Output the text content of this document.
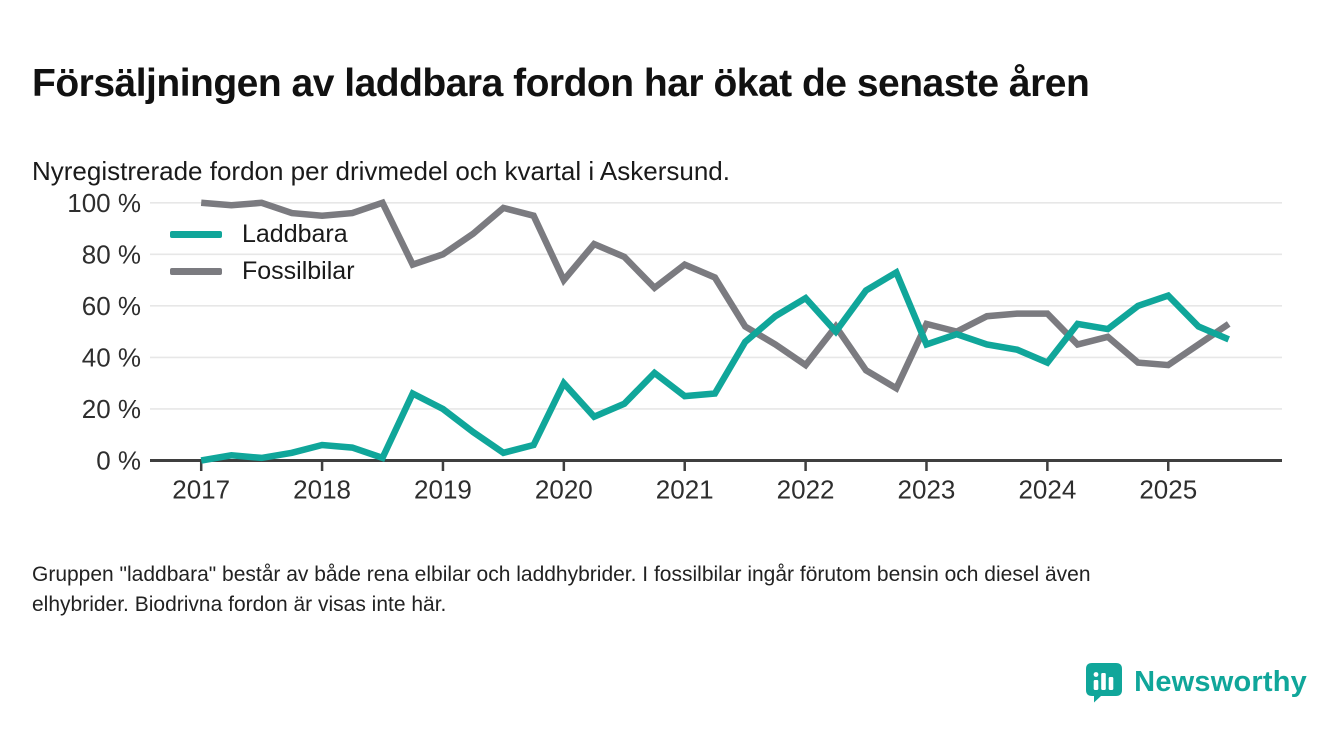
Försäljningen av laddbara fordon har ökat de senaste åren

Nyregistrerade fordon per drivmedel och kvartal i Askersund.

0 %
20 %
40 %
60 %
80 %
100 %
2017 2018 2019 2020 2021 2022 2023 2024 2025
Laddbara
Fossilbilar
Gruppen "laddbara" består av både rena elbilar och laddhybrider. I fossilbilar ingår förutom bensin och diesel även
elhybrider. Biodrivna fordon är visas inte här.
Newsworthy
